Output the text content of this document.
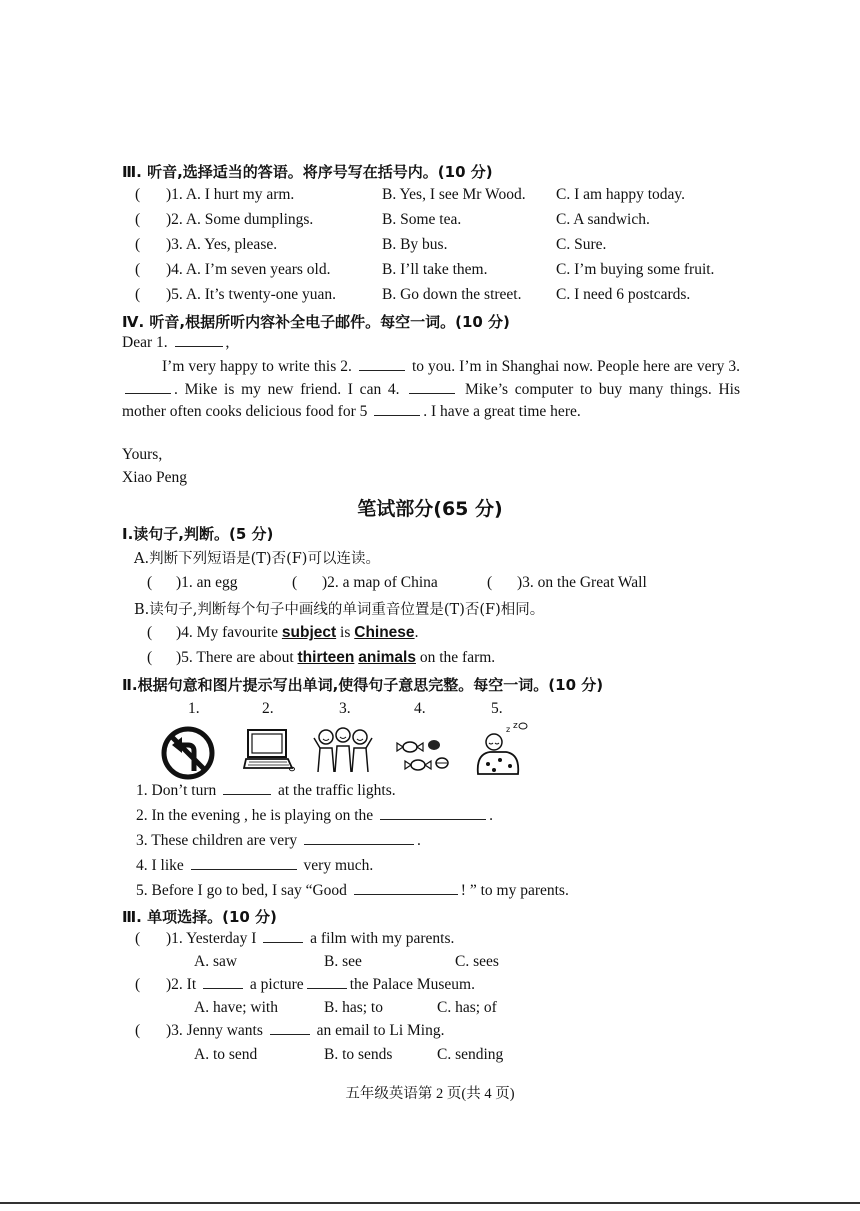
Ⅲ. 听音,选择适当的答语。将序号写在括号内。(10 分)
( )1. A. I hurt my arm.	B. Yes, I see Mr Wood. C. I am happy today.
( )2. A. Some dumplings.	B. Some tea.	C. A sandwich.
( )3. A. Yes, please.	B. By bus.	C. Sure.
( )4. A. I’m seven years old.	B. I’ll take them.	C. I’m buying some fruit.
( )5. A. It’s twenty-one yuan.	B. Go down the street. C. I need 6 postcards.
Ⅳ. 听音,根据所听内容补全电子邮件。每空一词。(10 分)
Dear 1.	,
I’m very happy to write this 2.	to you. I’m in Shanghai now. People here are very 3. . Mike is my new friend. I can 4.	Mike’s computer to buy many things. His mother often cooks delicious food for 5	. I have a great time here.
Yours,
Xiao Peng
笔试部分(65 分)
Ⅰ.读句子,判断。(5 分)
A.判断下列短语是(T)否(F)可以连读。
( )1. an egg	( )2. a map of China	( )3. on the Great Wall
B.读句子,判断每个句子中画线的单词重音位置是(T)否(F)相同。
( )4. My favourite subject is Chinese.
( )5. There are about thirteen animals on the farm.
Ⅱ.根据句意和图片提示写出单词,使得句子意思完整。每空一词。(10 分)
1.	2.	3.	4.	5.
z z
1. Don’t turn	at the traffic lights.
2. In the evening , he is playing on the	.
3. These children are very	.
4. I like	very much.
5. Before I go to bed, I say “Good	! ” to my parents.
Ⅲ. 单项选择。(10 分)
( )1. Yesterday I	a film with my parents.
A. saw	B. see	C. sees
( )2. It	a picture	the Palace Museum.
A. have; with	B. has; to	C. has; of
( )3. Jenny wants	an email to Li Ming.
A. to send	B. to sends	C. sending
五年级英语第 2 页(共 4 页)
